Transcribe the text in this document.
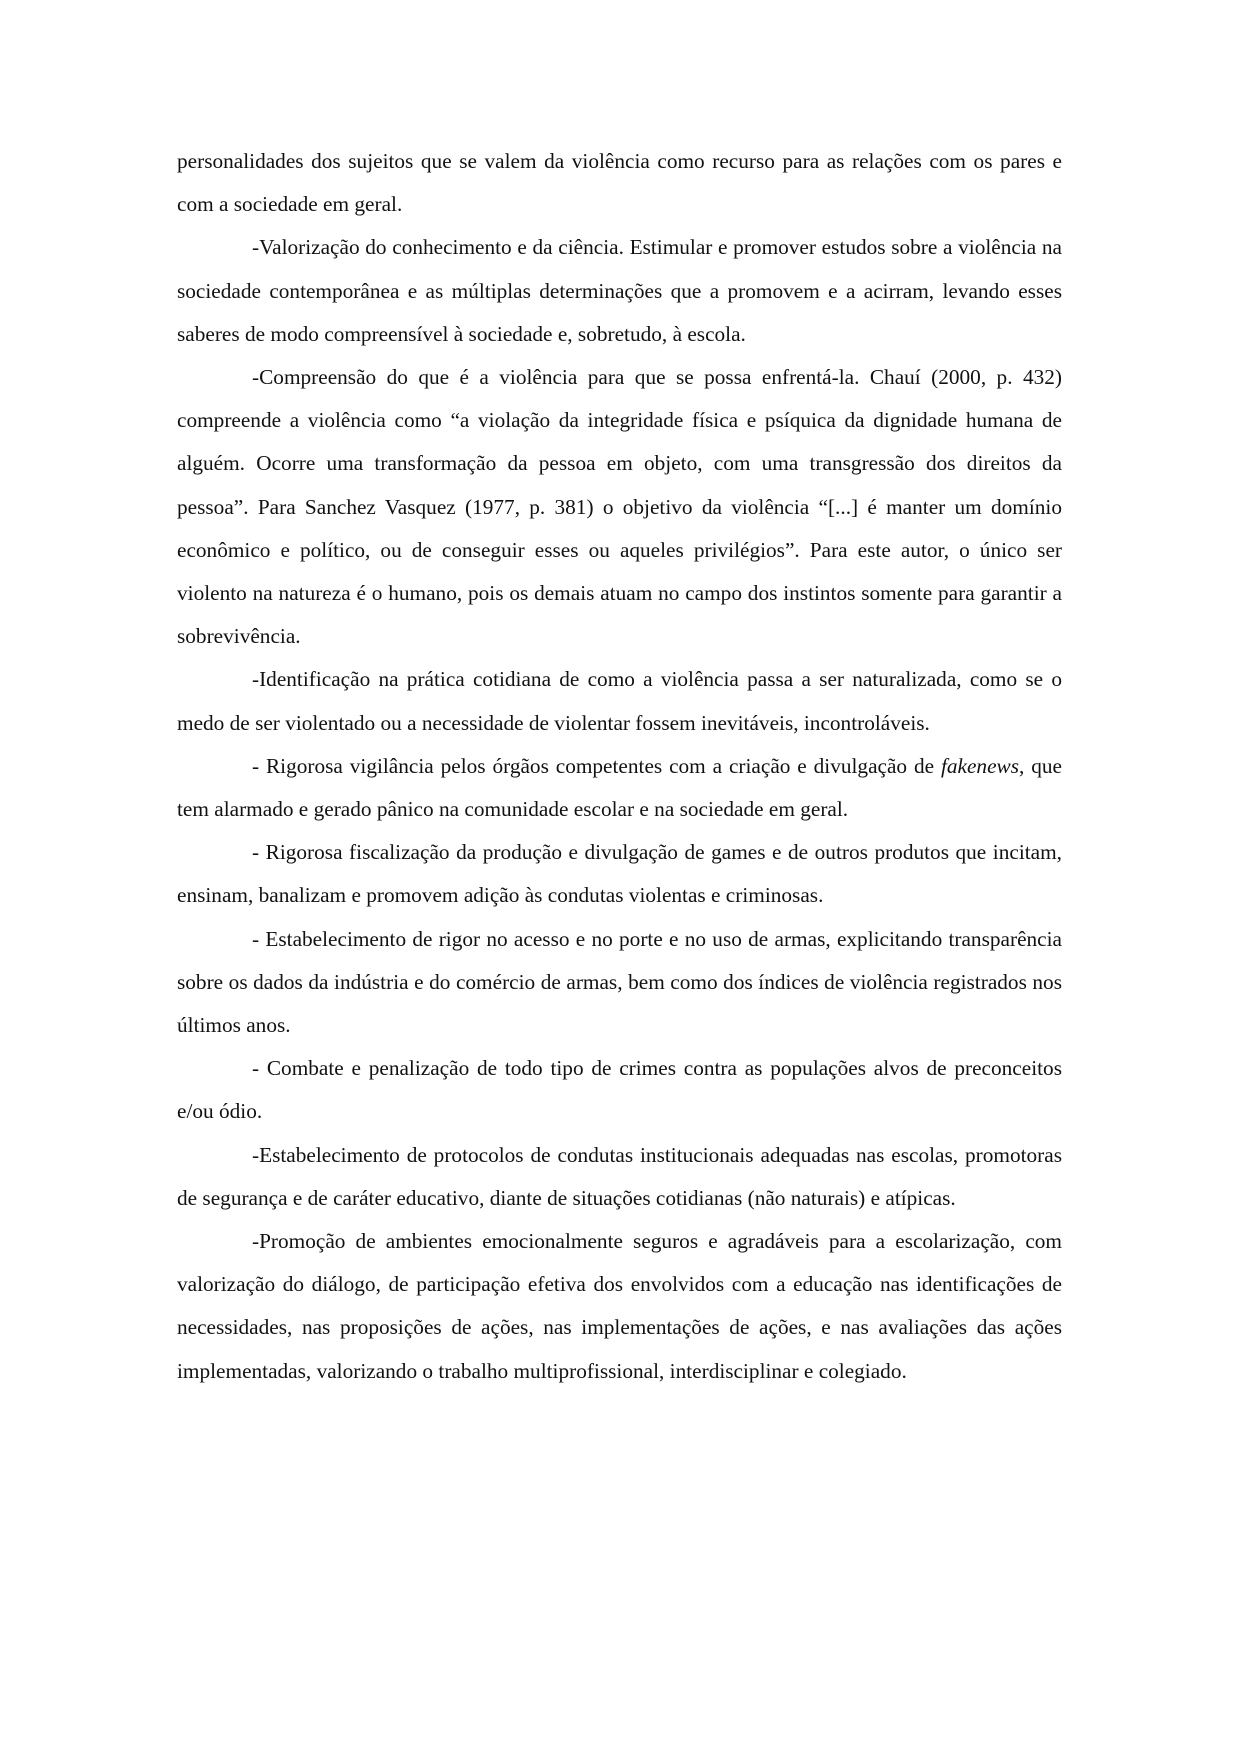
personalidades dos sujeitos que se valem da violência como recurso para as relações com os pares e com a sociedade em geral.

-Valorização do conhecimento e da ciência. Estimular e promover estudos sobre a violência na sociedade contemporânea e as múltiplas determinações que a promovem e a acirram, levando esses saberes de modo compreensível à sociedade e, sobretudo, à escola.

-Compreensão do que é a violência para que se possa enfrentá-la. Chauí (2000, p. 432) compreende a violência como “a violação da integridade física e psíquica da dignidade humana de alguém. Ocorre uma transformação da pessoa em objeto, com uma transgressão dos direitos da pessoa”. Para Sanchez Vasquez (1977, p. 381) o objetivo da violência “[...] é manter um domínio econômico e político, ou de conseguir esses ou aqueles privilégios”. Para este autor, o único ser violento na natureza é o humano, pois os demais atuam no campo dos instintos somente para garantir a sobrevivência.

-Identificação na prática cotidiana de como a violência passa a ser naturalizada, como se o medo de ser violentado ou a necessidade de violentar fossem inevitáveis, incontroláveis.

- Rigorosa vigilância pelos órgãos competentes com a criação e divulgação de fakenews, que tem alarmado e gerado pânico na comunidade escolar e na sociedade em geral.

- Rigorosa fiscalização da produção e divulgação de games e de outros produtos que incitam, ensinam, banalizam e promovem adição às condutas violentas e criminosas.

- Estabelecimento de rigor no acesso e no porte e no uso de armas, explicitando transparência sobre os dados da indústria e do comércio de armas, bem como dos índices de violência registrados nos últimos anos.

- Combate e penalização de todo tipo de crimes contra as populações alvos de preconceitos e/ou ódio.

-Estabelecimento de protocolos de condutas institucionais adequadas nas escolas, promotoras de segurança e de caráter educativo, diante de situações cotidianas (não naturais) e atípicas.

-Promoção de ambientes emocionalmente seguros e agradáveis para a escolarização, com valorização do diálogo, de participação efetiva dos envolvidos com a educação nas identificações de necessidades, nas proposições de ações, nas implementações de ações, e nas avaliações das ações implementadas, valorizando o trabalho multiprofissional, interdisciplinar e colegiado.
